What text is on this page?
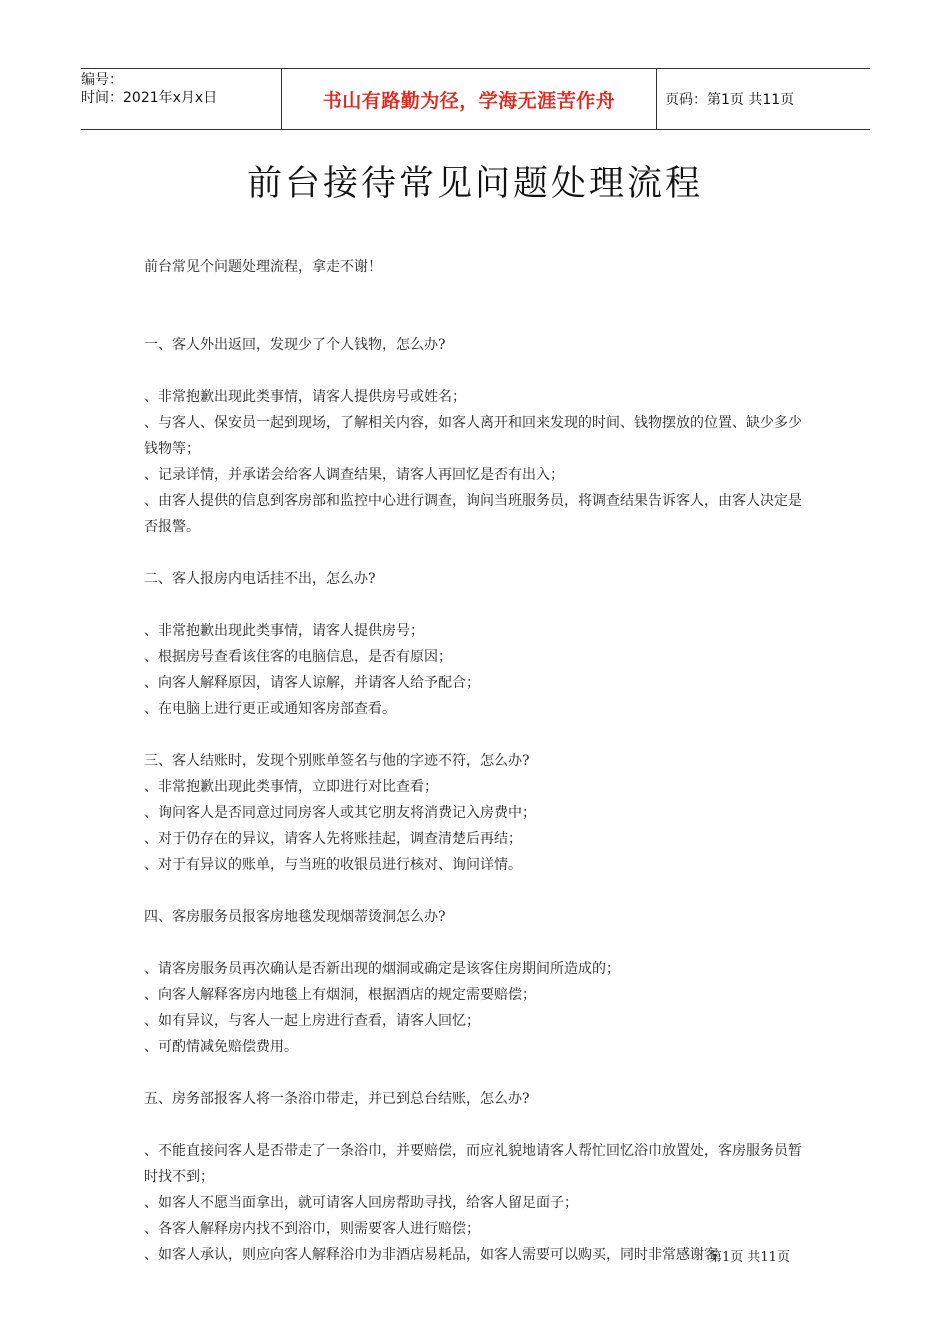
编号：
时间：2021年x月x日	书山有路勤为径，学海无涯苦作舟	页码：第1页 共11页
前台接待常见问题处理流程

前台常见个问题处理流程，拿走不谢！

一、客人外出返回，发现少了个人钱物，怎么办?

、非常抱歉出现此类事情，请客人提供房号或姓名；

、与客人、保安员一起到现场，了解相关内容，如客人离开和回来发现的时间、钱物摆放的位置、缺少多少钱物等；

、记录详情，并承诺会给客人调查结果，请客人再回忆是否有出入；

、由客人提供的信息到客房部和监控中心进行调查，询问当班服务员，将调查结果告诉客人，由客人决定是否报警。

二、客人报房内电话挂不出，怎么办?

、非常抱歉出现此类事情，请客人提供房号；

、根据房号查看该住客的电脑信息，是否有原因；

、向客人解释原因，请客人谅解，并请客人给予配合；

、在电脑上进行更正或通知客房部查看。

三、客人结账时，发现个别账单签名与他的字迹不符，怎么办?

、非常抱歉出现此类事情，立即进行对比查看；

、询问客人是否同意过同房客人或其它朋友将消费记入房费中；

、对于仍存在的异议，请客人先将账挂起，调查清楚后再结；

、对于有异议的账单，与当班的收银员进行核对、询问详情。

四、客房服务员报客房地毯发现烟蒂烫洞怎么办?

、请客房服务员再次确认是否新出现的烟洞或确定是该客住房期间所造成的；

、向客人解释客房内地毯上有烟洞，根据酒店的规定需要赔偿；

、如有异议，与客人一起上房进行查看，请客人回忆；

、可酌情减免赔偿费用。

五、房务部报客人将一条浴巾带走，并已到总台结账，怎么办?

、不能直接问客人是否带走了一条浴巾，并要赔偿，而应礼貌地请客人帮忙回忆浴巾放置处，客房服务员暂时找不到；

、如客人不愿当面拿出，就可请客人回房帮助寻找，给客人留足面子；

、各客人解释房内找不到浴巾，则需要客人进行赔偿；

、如客人承认，则应向客人解释浴巾为非酒店易耗品，如客人需要可以购买，同时非常感谢客

第1页 共11页
